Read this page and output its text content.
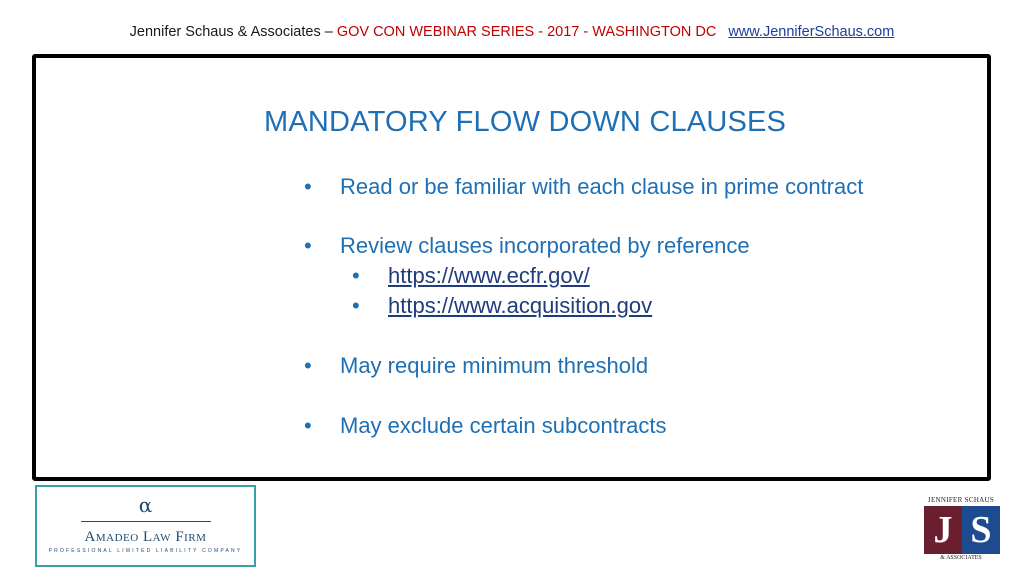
Jennifer Schaus & Associates – GOV CON WEBINAR SERIES - 2017 - WASHINGTON DC www.JenniferSchaus.com
MANDATORY FLOW DOWN CLAUSES
• Read or be familiar with each clause in prime contract
• Review clauses incorporated by reference
• https://www.ecfr.gov/
• https://www.acquisition.gov
• May require minimum threshold
• May exclude certain subcontracts
α
Amadeo Law Firm
PROFESSIONAL LIMITED LIABILITY COMPANY
JENNIFER SCHAUS
J S
& ASSOCIATES
